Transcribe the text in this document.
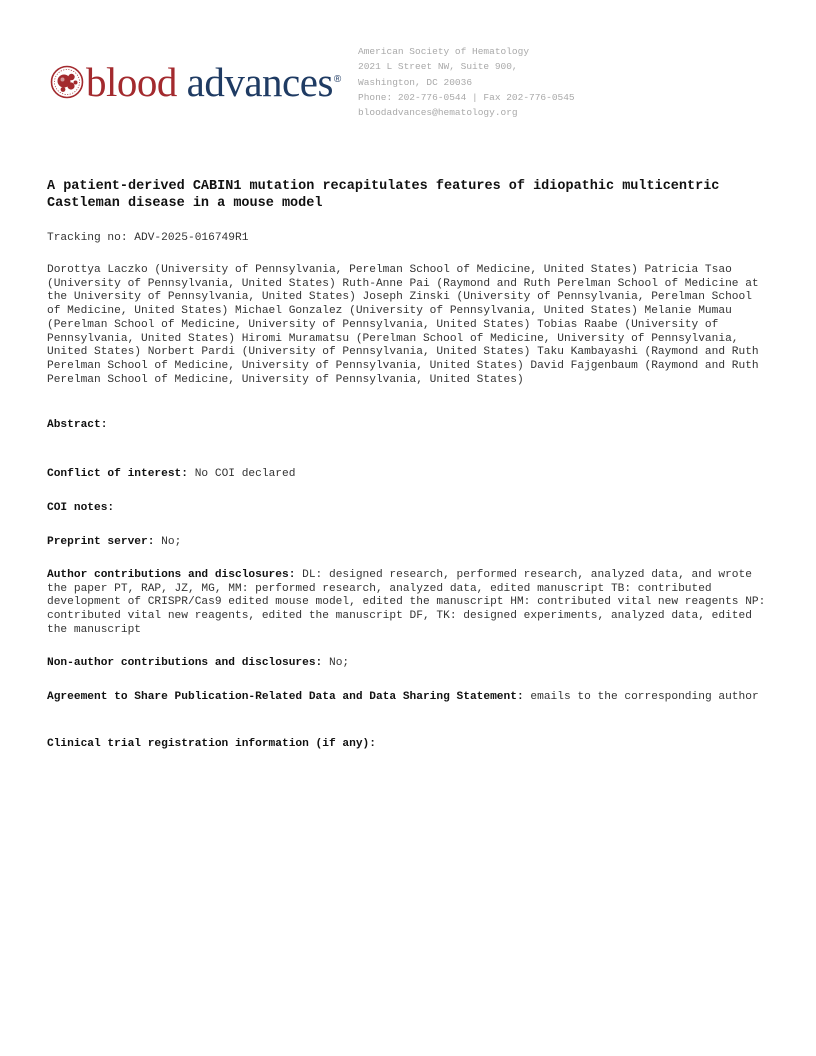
blood advances ®
American Society of Hematology
2021 L Street NW, Suite 900,
Washington, DC 20036
Phone: 202-776-0544 | Fax 202-776-0545
bloodadvances@hematology.org
A patient-derived CABIN1 mutation recapitulates features of idiopathic multicentric Castleman disease in a mouse model

Tracking no: ADV-2025-016749R1

Dorottya Laczko (University of Pennsylvania, Perelman School of Medicine, United States) Patricia Tsao (University of Pennsylvania, United States) Ruth-Anne Pai (Raymond and Ruth Perelman School of Medicine at the University of Pennsylvania, United States) Joseph Zinski (University of Pennsylvania, Perelman School of Medicine, United States) Michael Gonzalez (University of Pennsylvania, United States) Melanie Mumau (Perelman School of Medicine, University of Pennsylvania, United States) Tobias Raabe (University of Pennsylvania, United States) Hiromi Muramatsu (Perelman School of Medicine, University of Pennsylvania, United States) Norbert Pardi (University of Pennsylvania, United States) Taku Kambayashi (Raymond and Ruth Perelman School of Medicine, University of Pennsylvania, United States) David Fajgenbaum (Raymond and Ruth Perelman School of Medicine, University of Pennsylvania, United States)

Abstract:

Conflict of interest: No COI declared

COI notes:

Preprint server: No;

Author contributions and disclosures: DL: designed research, performed research, analyzed data, and wrote the paper PT, RAP, JZ, MG, MM: performed research, analyzed data, edited manuscript TB: contributed development of CRISPR/Cas9 edited mouse model, edited the manuscript HM: contributed vital new reagents NP: contributed vital new reagents, edited the manuscript DF, TK: designed experiments, analyzed data, edited the manuscript

Non-author contributions and disclosures: No;

Agreement to Share Publication-Related Data and Data Sharing Statement: emails to the corresponding author

Clinical trial registration information (if any):
